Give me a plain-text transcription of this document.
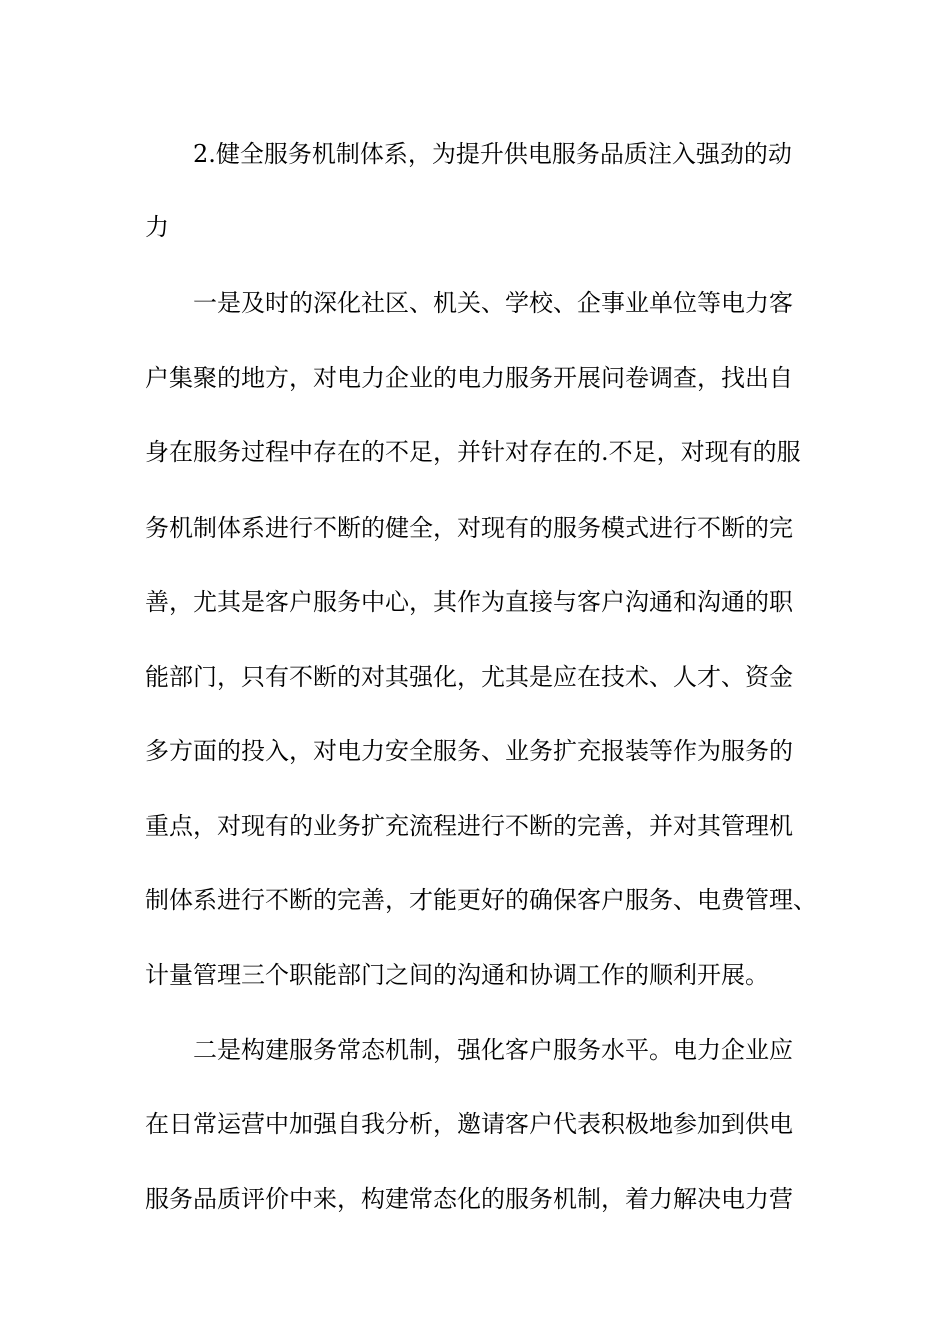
2.健全服务机制体系，为提升供电服务品质注入强劲的动
力
一是及时的深化社区、机关、学校、企事业单位等电力客
户集聚的地方，对电力企业的电力服务开展问卷调查，找出自
身在服务过程中存在的不足，并针对存在的.不足，对现有的服
务机制体系进行不断的健全，对现有的服务模式进行不断的完
善，尤其是客户服务中心，其作为直接与客户沟通和沟通的职
能部门，只有不断的对其强化，尤其是应在技术、人才、资金
多方面的投入，对电力安全服务、业务扩充报装等作为服务的
重点，对现有的业务扩充流程进行不断的完善，并对其管理机
制体系进行不断的完善，才能更好的确保客户服务、电费管理、
计量管理三个职能部门之间的沟通和协调工作的顺利开展。
二是构建服务常态机制，强化客户服务水平。电力企业应
在日常运营中加强自我分析，邀请客户代表积极地参加到供电
服务品质评价中来，构建常态化的服务机制，着力解决电力营
